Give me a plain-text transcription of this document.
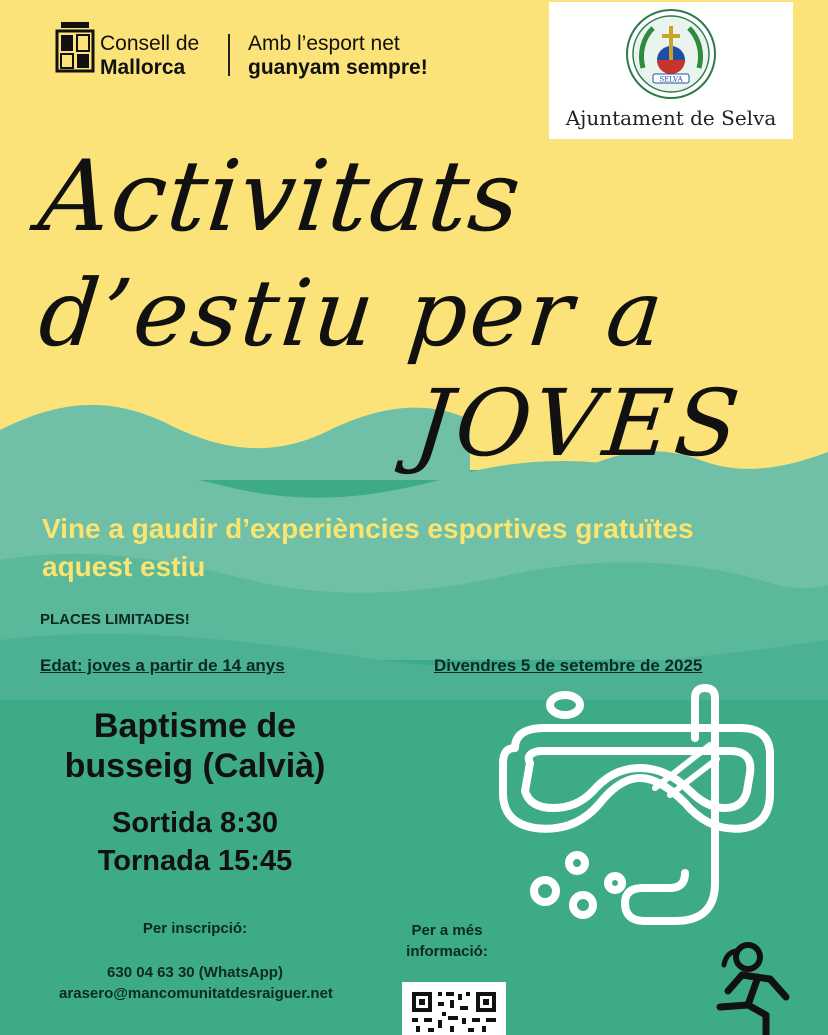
Consell de
Mallorca
Amb l’esport net
guanyam sempre!
SELVA
Ajuntament de Selva
Activitats
d’estiu per a
JOVES
Vine a gaudir d’experiències esportives gratuïtes aquest estiu
PLACES LIMITADES!
Edat: joves a partir de 14 anys	Divendres 5 de setembre de 2025
Baptisme de
busseig (Calvià)
Sortida 8:30
Tornada 15:45
Per inscripció:
630 04 63 30 (WhatsApp)
arasero@mancomunitatdesraiguer.net
Per a més
informació:
